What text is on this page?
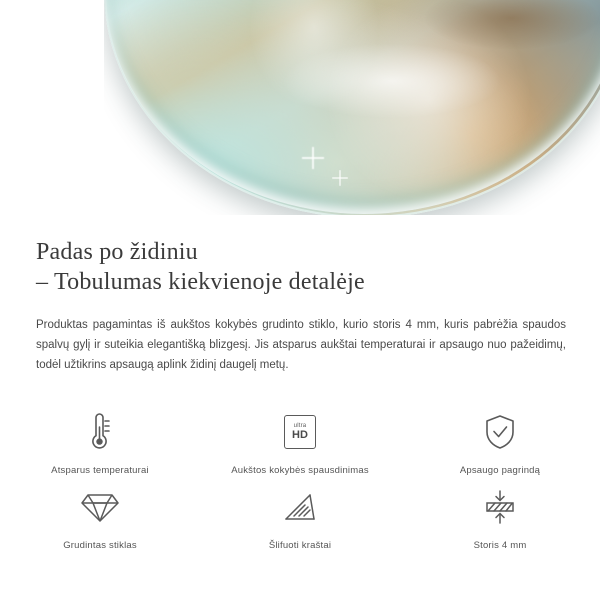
Padas po židiniu
– Tobulumas kiekvienoje detalėje

Produktas pagamintas iš aukštos kokybės grudinto stiklo, kurio storis 4 mm, kuris pabrėžia spaudos spalvų gylį ir suteikia elegantišką blizgesį. Jis atsparus aukštai temperaturai ir apsaugo nuo pažeidimų, todėl užtikrins apsaugą aplink židinį daugelį metų.

Atsparus temperaturai
ultra
HD
Aukštos kokybės spausdinimas	Apsaugo pagrindą
Grudintas stiklas	Šlifuoti kraštai	Storis 4 mm
